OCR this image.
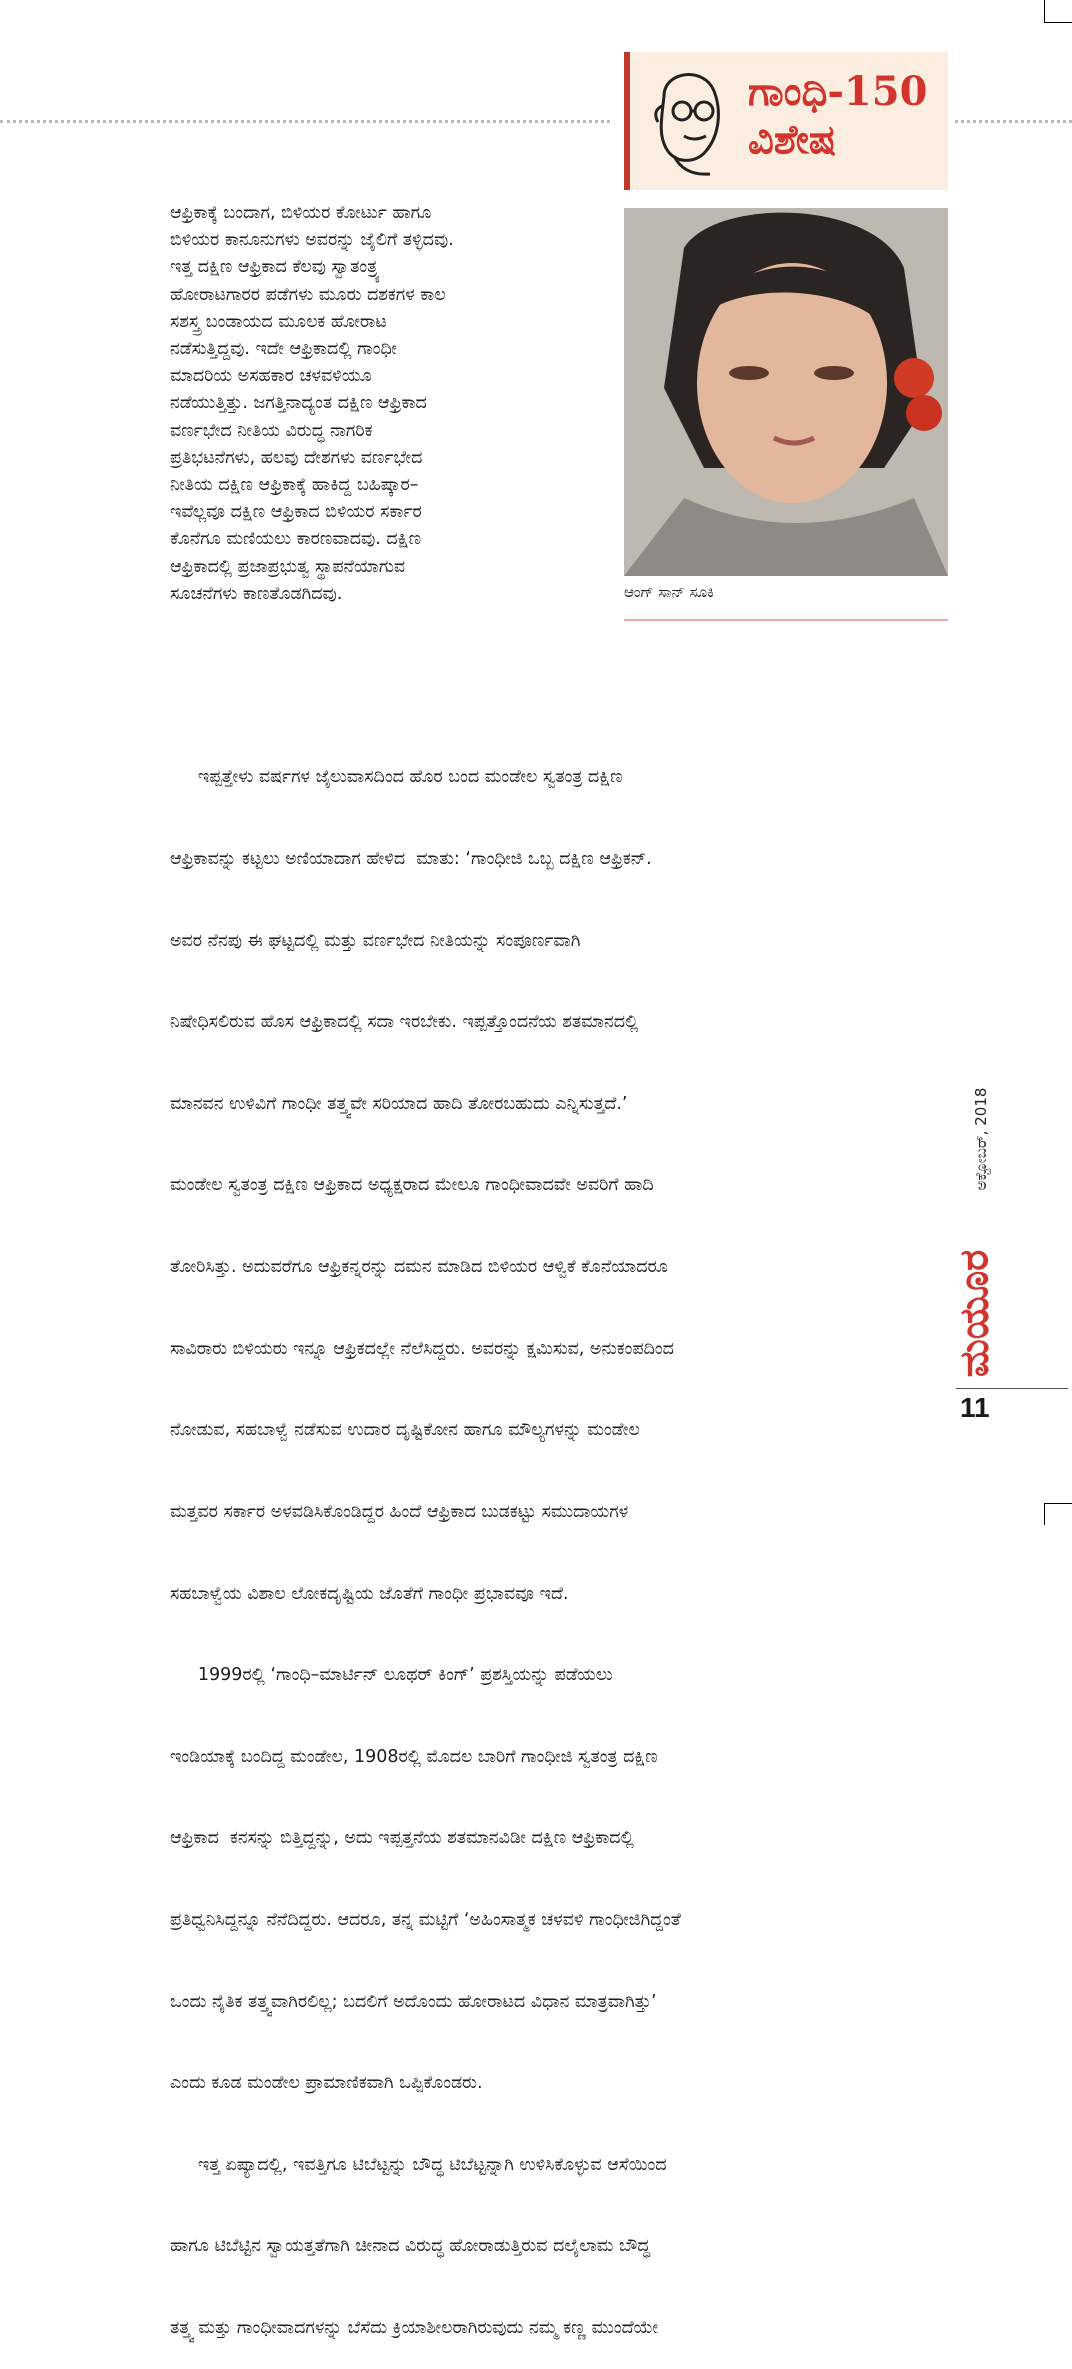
ಗಾಂಧಿ-150
ವಿಶೇಷ
ಆಂಗ್ ಸಾನ್ ಸೂಕಿ

ಆಫ್ರಿಕಾಕ್ಕೆ ಬಂದಾಗ, ಬಿಳಿಯರ ಕೋರ್ಟು ಹಾಗೂ

ಬಿಳಿಯರ ಕಾನೂನುಗಳು ಅವರನ್ನು ಜೈಲಿಗೆ ತಳ್ಳಿದವು.

ಇತ್ತ ದಕ್ಷಿಣ ಆಫ್ರಿಕಾದ ಕೆಲವು ಸ್ವಾತಂತ್ರ್ಯ

ಹೋರಾಟಗಾರರ ಪಡೆಗಳು ಮೂರು ದಶಕಗಳ ಕಾಲ

ಸಶಸ್ತ್ರ ಬಂಡಾಯದ ಮೂಲಕ ಹೋರಾಟ

ನಡೆಸುತ್ತಿದ್ದವು. ಇದೇ ಆಫ್ರಿಕಾದಲ್ಲಿ ಗಾಂಧೀ

ಮಾದರಿಯ ಅಸಹಕಾರ ಚಳವಳಿಯೂ

ನಡೆಯುತ್ತಿತ್ತು. ಜಗತ್ತಿನಾದ್ಯಂತ ದಕ್ಷಿಣ ಆಫ್ರಿಕಾದ

ವರ್ಣಭೇದ ನೀತಿಯ ವಿರುದ್ಧ ನಾಗರಿಕ

ಪ್ರತಿಭಟನೆಗಳು, ಹಲವು ದೇಶಗಳು ವರ್ಣಭೇದ

ನೀತಿಯ ದಕ್ಷಿಣ ಆಫ್ರಿಕಾಕ್ಕೆ ಹಾಕಿದ್ದ ಬಹಿಷ್ಕಾರ–

ಇವೆಲ್ಲವೂ ದಕ್ಷಿಣ ಆಫ್ರಿಕಾದ ಬಿಳಿಯರ ಸರ್ಕಾರ

ಕೊನೆಗೂ ಮಣಿಯಲು ಕಾರಣವಾದವು. ದಕ್ಷಿಣ

ಆಫ್ರಿಕಾದಲ್ಲಿ ಪ್ರಜಾಪ್ರಭುತ್ವ ಸ್ಥಾಪನೆಯಾಗುವ

ಸೂಚನೆಗಳು ಕಾಣತೊಡಗಿದವು.

ಇಪ್ಪತ್ತೇಳು ವರ್ಷಗಳ ಜೈಲುವಾಸದಿಂದ ಹೊರ ಬಂದ ಮಂಡೇಲ ಸ್ವತಂತ್ರ ದಕ್ಷಿಣ

ಆಫ್ರಿಕಾವನ್ನು ಕಟ್ಟಲು ಅಣಿಯಾದಾಗ ಹೇಳಿದ  ಮಾತು: ‘ಗಾಂಧೀಜಿ ಒಬ್ಬ ದಕ್ಷಿಣ ಆಫ್ರಿಕನ್.

ಅವರ ನೆನಪು ಈ ಘಟ್ಟದಲ್ಲಿ ಮತ್ತು ವರ್ಣಭೇದ ನೀತಿಯನ್ನು ಸಂಪೂರ್ಣವಾಗಿ

ನಿಷೇಧಿಸಲಿರುವ ಹೊಸ ಆಫ್ರಿಕಾದಲ್ಲಿ ಸದಾ ಇರಬೇಕು. ಇಪ್ಪತ್ತೊಂದನೆಯ ಶತಮಾನದಲ್ಲಿ

ಮಾನವನ ಉಳಿವಿಗೆ ಗಾಂಧೀ ತತ್ತ್ವವೇ ಸರಿಯಾದ ಹಾದಿ ತೋರಬಹುದು ಎನ್ನಿಸುತ್ತದೆ.’

ಮಂಡೇಲ ಸ್ವತಂತ್ರ ದಕ್ಷಿಣ ಆಫ್ರಿಕಾದ ಅಧ್ಯಕ್ಷರಾದ ಮೇಲೂ ಗಾಂಧೀವಾದವೇ ಅವರಿಗೆ ಹಾದಿ

ತೋರಿಸಿತ್ತು. ಅದುವರೆಗೂ ಆಫ್ರಿಕನ್ನರನ್ನು ದಮನ ಮಾಡಿದ ಬಿಳಿಯರ ಆಳ್ವಿಕೆ ಕೊನೆಯಾದರೂ

ಸಾವಿರಾರು ಬಿಳಿಯರು ಇನ್ನೂ ಆಫ್ರಿಕದಲ್ಲೇ ನೆಲೆಸಿದ್ದರು. ಅವರನ್ನು ಕ್ಷಮಿಸುವ, ಅನುಕಂಪದಿಂದ

ನೋಡುವ, ಸಹಬಾಳ್ವೆ ನಡೆಸುವ ಉದಾರ ದೃಷ್ಟಿಕೋನ ಹಾಗೂ ಮೌಲ್ಯಗಳನ್ನು ಮಂಡೇಲ

ಮತ್ತವರ ಸರ್ಕಾರ ಅಳವಡಿಸಿಕೊಂಡಿದ್ದರ ಹಿಂದೆ ಆಫ್ರಿಕಾದ ಬುಡಕಟ್ಟು ಸಮುದಾಯಗಳ

ಸಹಬಾಳ್ವೆಯ ವಿಶಾಲ ಲೋಕದೃಷ್ಟಿಯ ಜೊತೆಗೆ ಗಾಂಧೀ ಪ್ರಭಾವವೂ ಇದೆ.

1999ರಲ್ಲಿ ‘ಗಾಂಧಿ–ಮಾರ್ಟಿನ್ ಲೂಥರ್ ಕಿಂಗ್’ ಪ್ರಶಸ್ತಿಯನ್ನು ಪಡೆಯಲು

ಇಂಡಿಯಾಕ್ಕೆ ಬಂದಿದ್ದ ಮಂಡೇಲ, 1908ರಲ್ಲಿ ಮೊದಲ ಬಾರಿಗೆ ಗಾಂಧೀಜಿ ಸ್ವತಂತ್ರ ದಕ್ಷಿಣ

ಆಫ್ರಿಕಾದ  ಕನಸನ್ನು ಬಿತ್ತಿದ್ದನ್ನು, ಅದು ಇಪ್ಪತ್ತನೆಯ ಶತಮಾನವಿಡೀ ದಕ್ಷಿಣ ಆಫ್ರಿಕಾದಲ್ಲಿ

ಪ್ರತಿಧ್ವನಿಸಿದ್ದನ್ನೂ ನೆನೆದಿದ್ದರು. ಆದರೂ, ತನ್ನ ಮಟ್ಟಿಗೆ ‘ಅಹಿಂಸಾತ್ಮಕ ಚಳವಳಿ ಗಾಂಧೀಜಿಗಿದ್ದಂತೆ

ಒಂದು ನೈತಿಕ ತತ್ತ್ವವಾಗಿರಲಿಲ್ಲ; ಬದಲಿಗೆ ಅದೊಂದು ಹೋರಾಟದ ವಿಧಾನ ಮಾತ್ರವಾಗಿತ್ತು’

ಎಂದು ಕೂಡ ಮಂಡೇಲ ಪ್ರಾಮಾಣಿಕವಾಗಿ ಒಪ್ಪಿಕೊಂಡರು.

ಇತ್ತ ಏಷ್ಯಾದಲ್ಲಿ, ಇವತ್ತಿಗೂ ಟಿಬೆಟ್ಟನ್ನು ಬೌದ್ಧ ಟಿಬೆಟ್ಟನ್ನಾಗಿ ಉಳಿಸಿಕೊಳ್ಳುವ ಆಸೆಯಿಂದ

ಹಾಗೂ ಟಿಬೆಟ್ಟಿನ ಸ್ವಾಯತ್ತತೆಗಾಗಿ ಚೀನಾದ ವಿರುದ್ಧ ಹೋರಾಡುತ್ತಿರುವ ದಲೈಲಾಮ ಬೌದ್ಧ

ತತ್ತ್ವ ಮತ್ತು ಗಾಂಧೀವಾದಗಳನ್ನು ಬೆಸೆದು ಕ್ರಿಯಾಶೀಲರಾಗಿರುವುದು ನಮ್ಮ ಕಣ್ಣ ಮುಂದೆಯೇ

ಮಯೂರ
ಅಕ್ಟೋಬರ್, 2018
11
